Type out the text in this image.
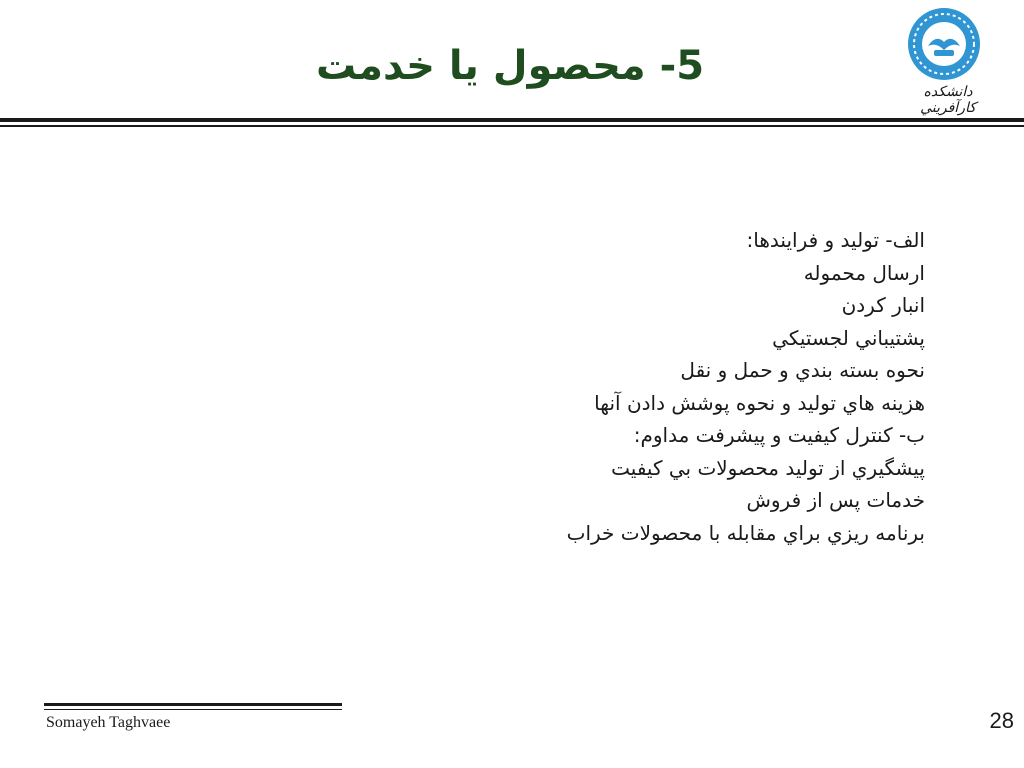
5- محصول يا خدمت
دانشکده کارآفريني
الف- توليد و فرايندها:
ارسال محموله
انبار كردن
پشتيباني لجستيكي
نحوه بسته بندي و حمل و نقل
هزينه هاي توليد و نحوه پوشش دادن آنها
ب- كنترل كيفيت و پيشرفت مداوم:
پيشگيري از توليد محصولات بي كيفيت
خدمات پس از فروش
برنامه ريزي براي مقابله با محصولات خراب
Somayeh Taghvaee	28
